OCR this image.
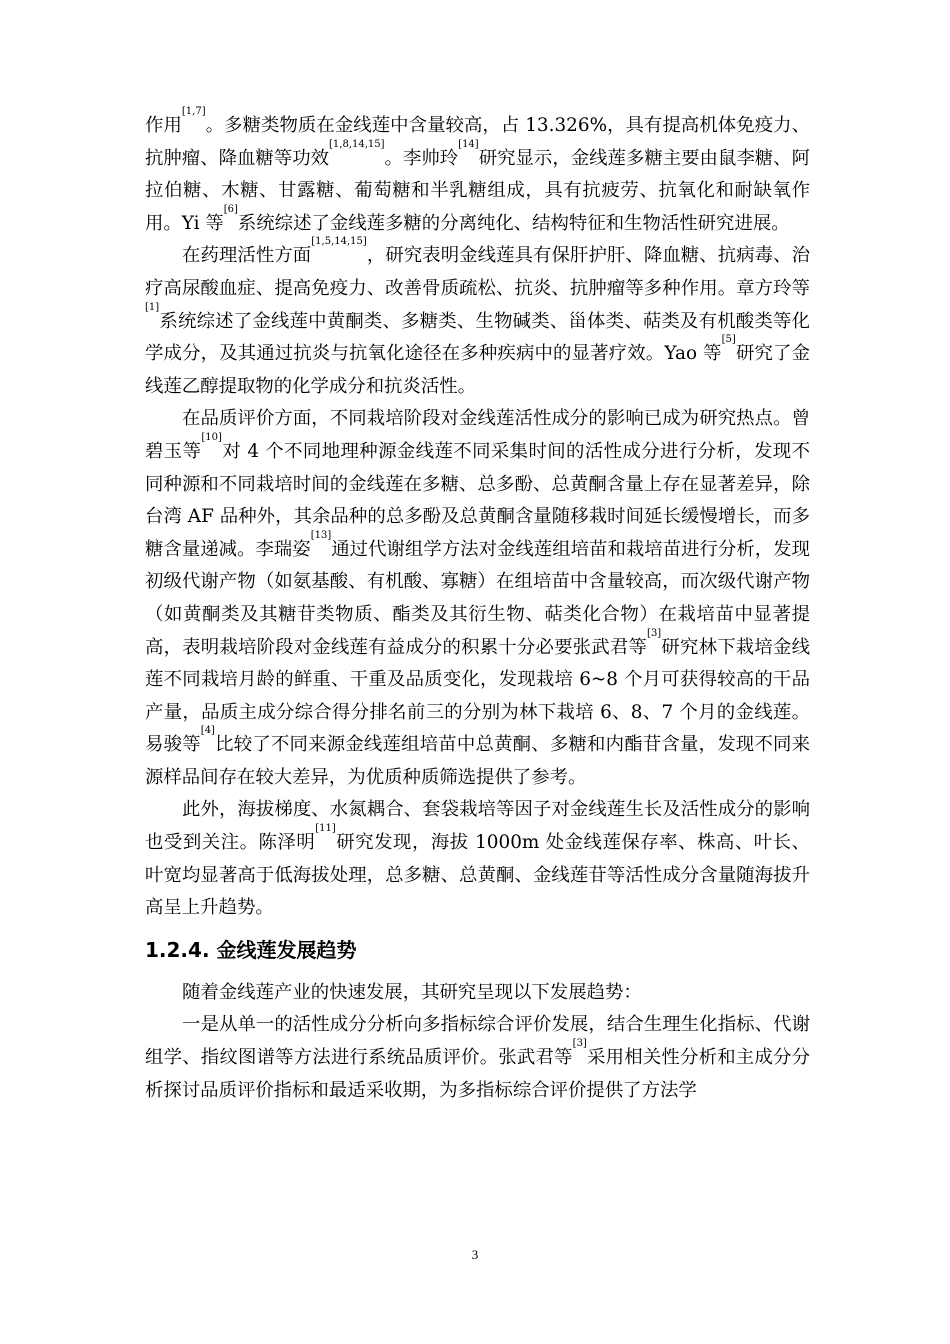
作用[1,7]。多糖类物质在金线莲中含量较高，占 13.326%，具有提高机体免疫力、抗肿瘤、降血糖等功效[1,8,14,15]。李帅玲[14]研究显示，金线莲多糖主要由鼠李糖、阿拉伯糖、木糖、甘露糖、葡萄糖和半乳糖组成，具有抗疲劳、抗氧化和耐缺氧作用。Yi 等[6]系统综述了金线莲多糖的分离纯化、结构特征和生物活性研究进展。

在药理活性方面[1,5,14,15]，研究表明金线莲具有保肝护肝、降血糖、抗病毒、治疗高尿酸血症、提高免疫力、改善骨质疏松、抗炎、抗肿瘤等多种作用。章方玲等[1]系统综述了金线莲中黄酮类、多糖类、生物碱类、甾体类、萜类及有机酸类等化学成分，及其通过抗炎与抗氧化途径在多种疾病中的显著疗效。Yao 等[5]研究了金线莲乙醇提取物的化学成分和抗炎活性。

在品质评价方面，不同栽培阶段对金线莲活性成分的影响已成为研究热点。曾碧玉等[10]对 4 个不同地理种源金线莲不同采集时间的活性成分进行分析，发现不同种源和不同栽培时间的金线莲在多糖、总多酚、总黄酮含量上存在显著差异，除台湾 AF 品种外，其余品种的总多酚及总黄酮含量随移栽时间延长缓慢增长，而多糖含量递减。李瑞姿[13]通过代谢组学方法对金线莲组培苗和栽培苗进行分析，发现初级代谢产物（如氨基酸、有机酸、寡糖）在组培苗中含量较高，而次级代谢产物（如黄酮类及其糖苷类物质、酯类及其衍生物、萜类化合物）在栽培苗中显著提高，表明栽培阶段对金线莲有益成分的积累十分必要张武君等[3]研究林下栽培金线莲不同栽培月龄的鲜重、干重及品质变化，发现栽培 6~8 个月可获得较高的干品产量，品质主成分综合得分排名前三的分别为林下栽培 6、8、7 个月的金线莲。易骏等[4]比较了不同来源金线莲组培苗中总黄酮、多糖和内酯苷含量，发现不同来源样品间存在较大差异，为优质种质筛选提供了参考。

此外，海拔梯度、水氮耦合、套袋栽培等因子对金线莲生长及活性成分的影响也受到关注。陈泽明[11]研究发现，海拔 1000m 处金线莲保存率、株高、叶长、叶宽均显著高于低海拔处理，总多糖、总黄酮、金线莲苷等活性成分含量随海拔升高呈上升趋势。

1.2.4. 金线莲发展趋势

随着金线莲产业的快速发展，其研究呈现以下发展趋势：

一是从单一的活性成分分析向多指标综合评价发展，结合生理生化指标、代谢组学、指纹图谱等方法进行系统品质评价。张武君等[3]采用相关性分析和主成分分析探讨品质评价指标和最适采收期，为多指标综合评价提供了方法学

3
